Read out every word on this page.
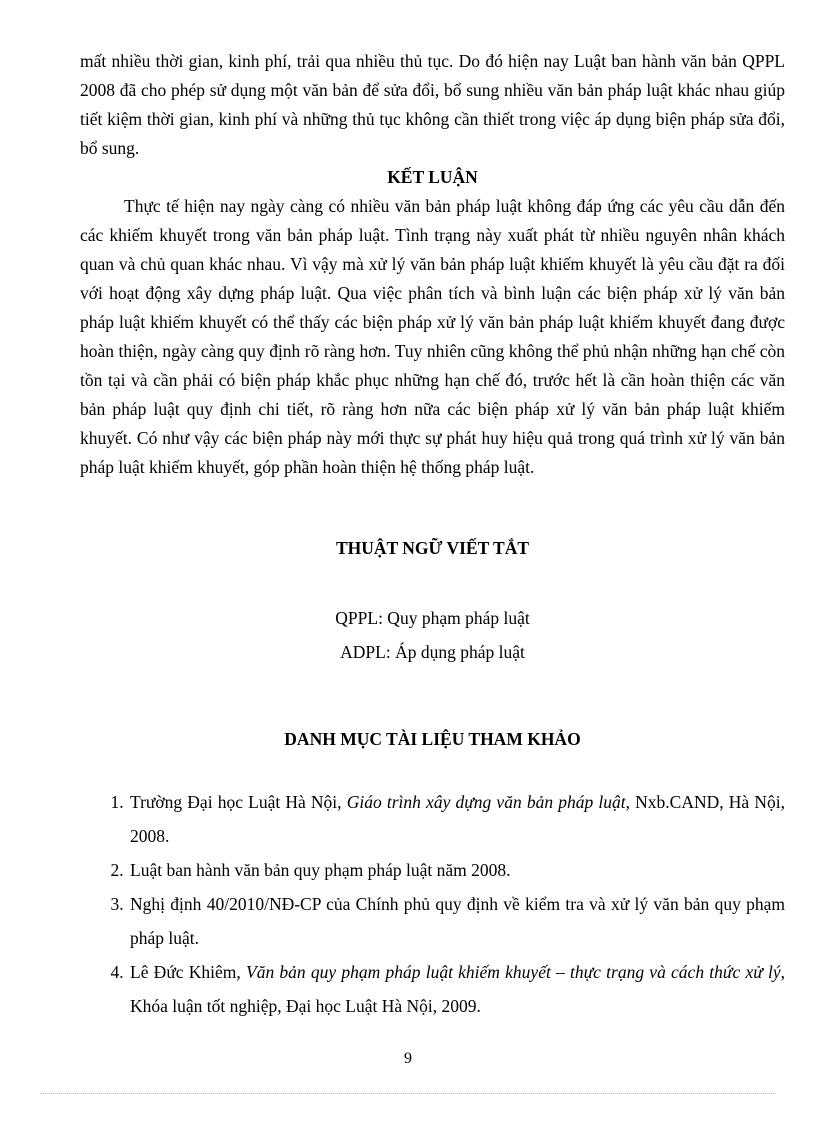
mất nhiều thời gian, kinh phí, trải qua nhiều thủ tục. Do đó hiện nay Luật ban hành văn bản QPPL 2008 đã cho phép sử dụng một văn bản để sửa đổi, bổ sung nhiều văn bản pháp luật khác nhau giúp tiết kiệm thời gian, kinh phí và những thủ tục không cần thiết trong việc áp dụng biện pháp sửa đổi, bổ sung.

KẾT LUẬN

Thực tế hiện nay ngày càng có nhiều văn bản pháp luật không đáp ứng các yêu cầu dẫn đến các khiếm khuyết trong văn bản pháp luật. Tình trạng này xuất phát từ nhiều nguyên nhân khách quan và chủ quan khác nhau. Vì vậy mà xử lý văn bản pháp luật khiếm khuyết là yêu cầu đặt ra đối với hoạt động xây dựng pháp luật. Qua việc phân tích và bình luận các biện pháp xử lý văn bản pháp luật khiếm khuyết có thể thấy các biện pháp xử lý văn bản pháp luật khiếm khuyết đang được hoàn thiện, ngày càng quy định rõ ràng hơn. Tuy nhiên cũng không thể phủ nhận những hạn chế còn tồn tại và cần phải có biện pháp khắc phục những hạn chế đó, trước hết là cần hoàn thiện các văn bản pháp luật quy định chi tiết, rõ ràng hơn nữa các biện pháp xử lý văn bản pháp luật khiếm khuyết. Có như vậy các biện pháp này mới thực sự phát huy hiệu quả trong quá trình xử lý văn bản pháp luật khiếm khuyết, góp phần hoàn thiện hệ thống pháp luật.

THUẬT NGỮ VIẾT TẮT

QPPL: Quy phạm pháp luật

ADPL: Áp dụng pháp luật

DANH MỤC TÀI LIỆU THAM KHẢO
1. Trường Đại học Luật Hà Nội, Giáo trình xây dựng văn bản pháp luật, Nxb.CAND, Hà Nội, 2008.
2. Luật ban hành văn bản quy phạm pháp luật năm 2008.
3. Nghị định 40/2010/NĐ-CP của Chính phủ quy định về kiểm tra và xử lý văn bản quy phạm pháp luật.
4. Lê Đức Khiêm, Văn bản quy phạm pháp luật khiếm khuyết – thực trạng và cách thức xử lý, Khóa luận tốt nghiệp, Đại học Luật Hà Nội, 2009.
9
